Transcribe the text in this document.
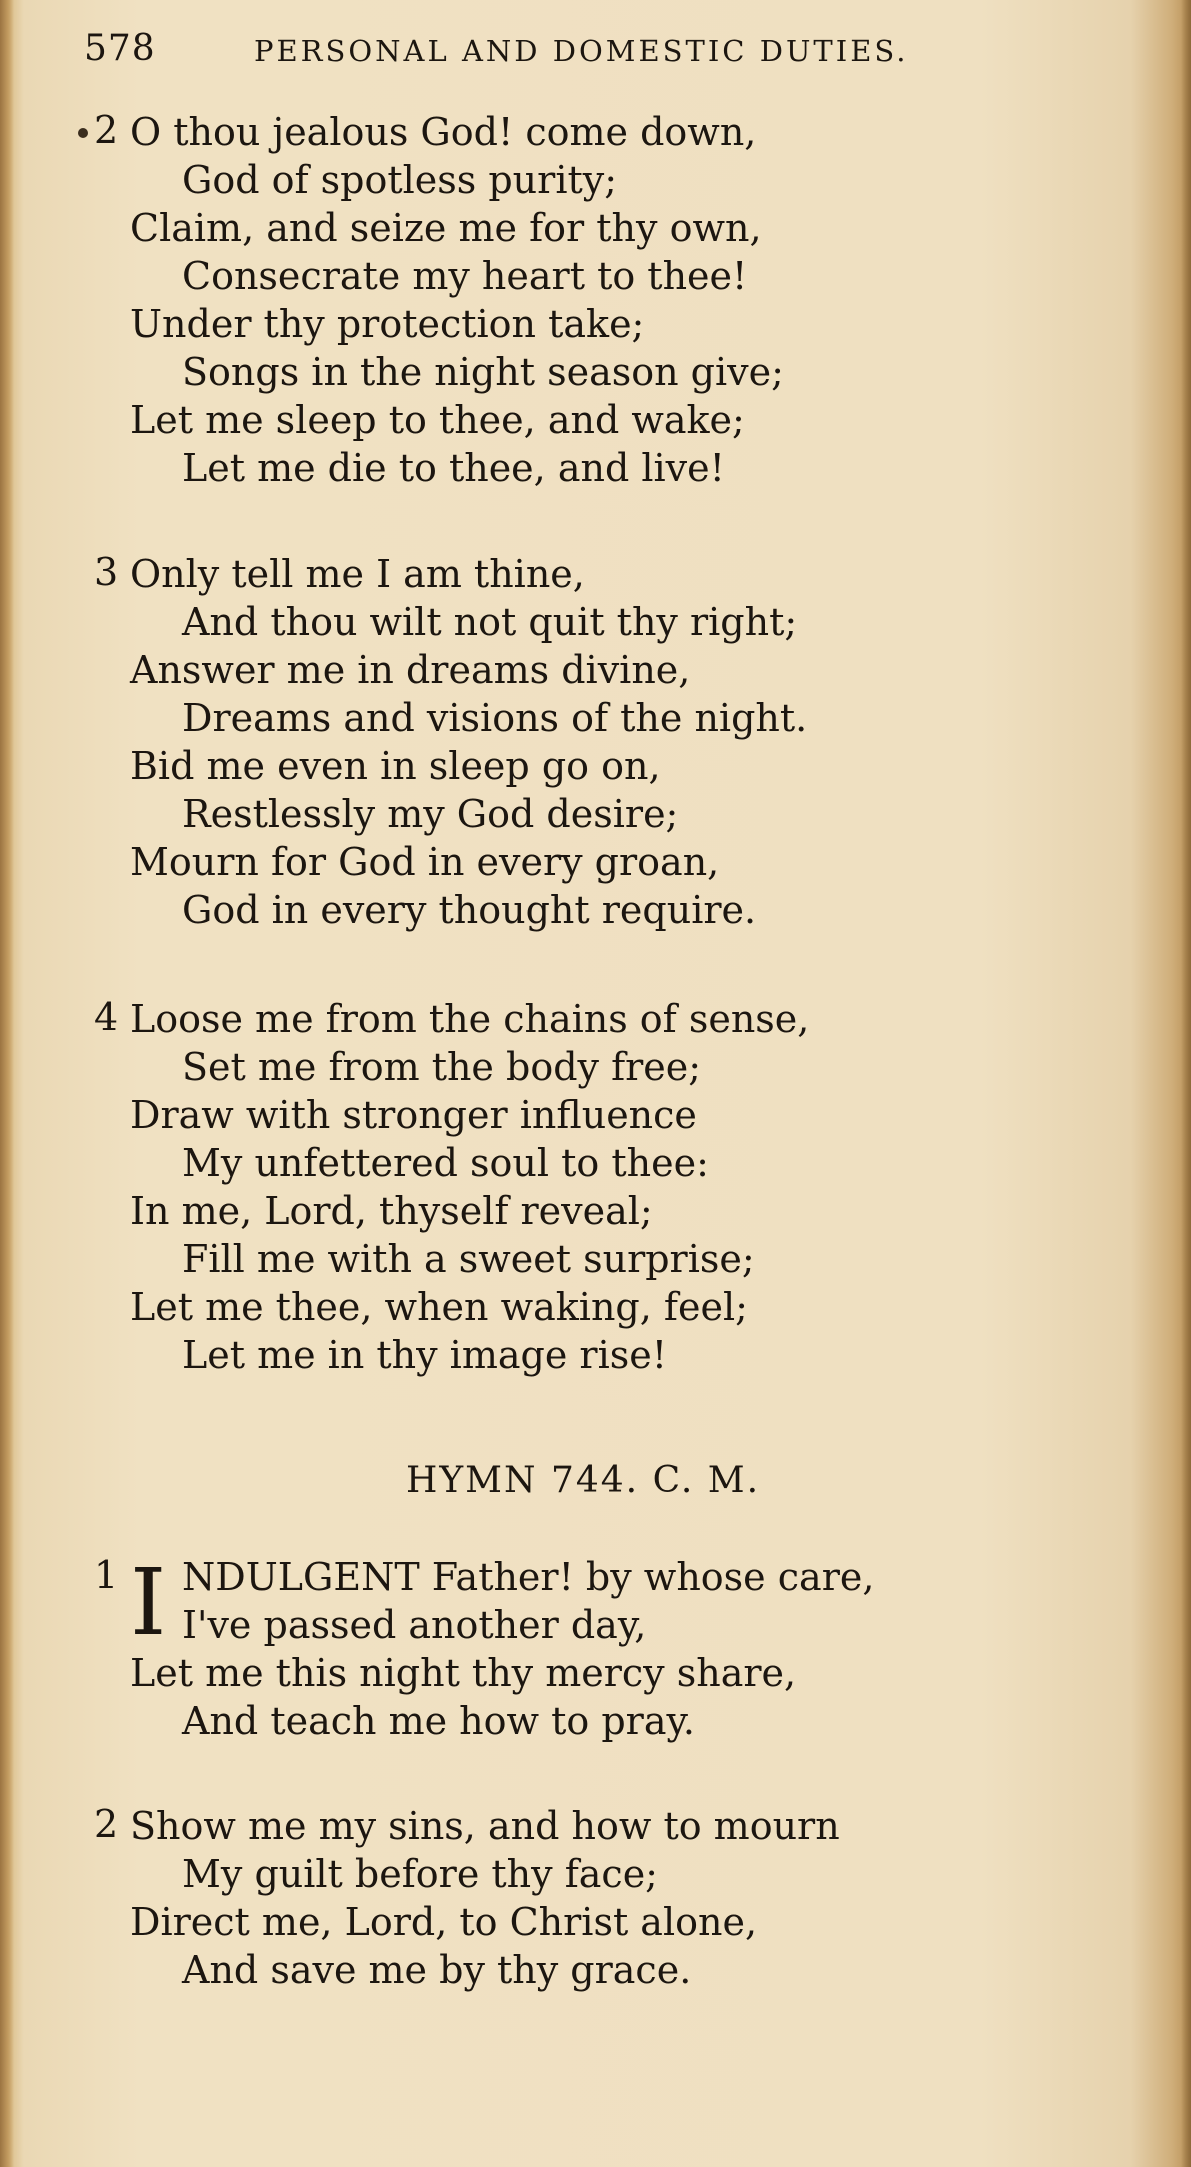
578	PERSONAL AND DOMESTIC DUTIES.
2 O thou jealous God! come down,
God of spotless purity;
Claim, and seize me for thy own,
Consecrate my heart to thee!
Under thy protection take;
Songs in the night season give;
Let me sleep to thee, and wake;
Let me die to thee, and live!
3 Only tell me I am thine,
And thou wilt not quit thy right;
Answer me in dreams divine,
Dreams and visions of the night.
Bid me even in sleep go on,
Restlessly my God desire;
Mourn for God in every groan,
God in every thought require.
4 Loose me from the chains of sense,
Set me from the body free;
Draw with stronger influence
My unfettered soul to thee:
In me, Lord, thyself reveal;
Fill me with a sweet surprise;
Let me thee, when waking, feel;
Let me in thy image rise!
HYMN 744. C. M.
1 I NDULGENT Father! by whose care,
I've passed another day,
Let me this night thy mercy share,
And teach me how to pray.
2 Show me my sins, and how to mourn
My guilt before thy face;
Direct me, Lord, to Christ alone,
And save me by thy grace.
